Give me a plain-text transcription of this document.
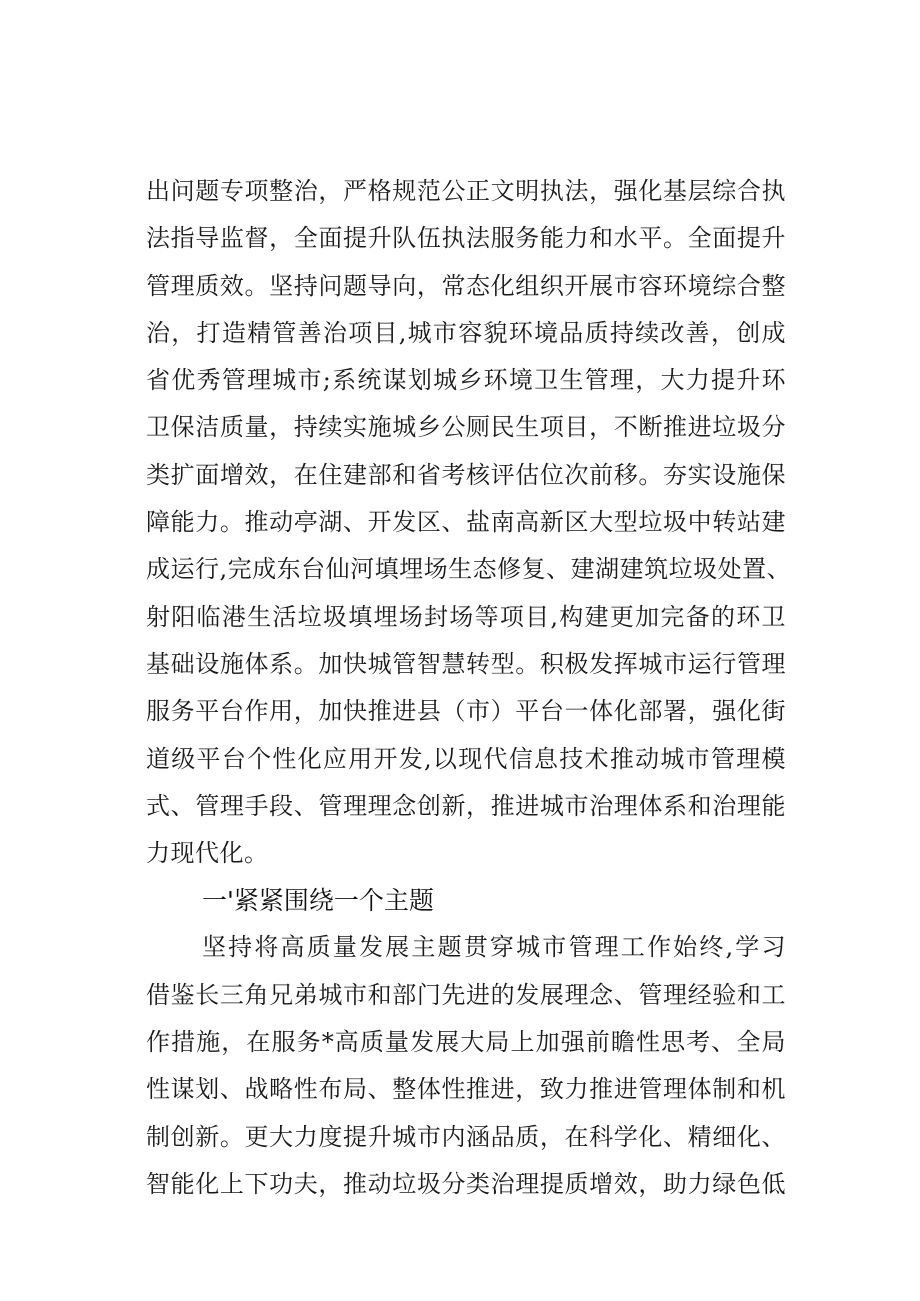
出问题专项整治，严格规范公正文明执法，强化基层综合执
法指导监督，全面提升队伍执法服务能力和水平。全面提升
管理质效。坚持问题导向，常态化组织开展市容环境综合整
治，打造精管善治项目,城市容貌环境品质持续改善，创成
省优秀管理城市;系统谋划城乡环境卫生管理，大力提升环
卫保洁质量，持续实施城乡公厕民生项目，不断推进垃圾分
类扩面增效，在住建部和省考核评估位次前移。夯实设施保
障能力。推动亭湖、开发区、盐南高新区大型垃圾中转站建
成运行,完成东台仙河填埋场生态修复、建湖建筑垃圾处置、
射阳临港生活垃圾填埋场封场等项目,构建更加完备的环卫
基础设施体系。加快城管智慧转型。积极发挥城市运行管理
服务平台作用，加快推进县（市）平台一体化部署，强化街
道级平台个性化应用开发,以现代信息技术推动城市管理模
式、管理手段、管理理念创新，推进城市治理体系和治理能
力现代化。
一'紧紧围绕一个主题
坚持将高质量发展主题贯穿城市管理工作始终,学习
借鉴长三角兄弟城市和部门先进的发展理念、管理经验和工
作措施，在服务*高质量发展大局上加强前瞻性思考、全局
性谋划、战略性布局、整体性推进，致力推进管理体制和机
制创新。更大力度提升城市内涵品质，在科学化、精细化、
智能化上下功夫，推动垃圾分类治理提质增效，助力绿色低
